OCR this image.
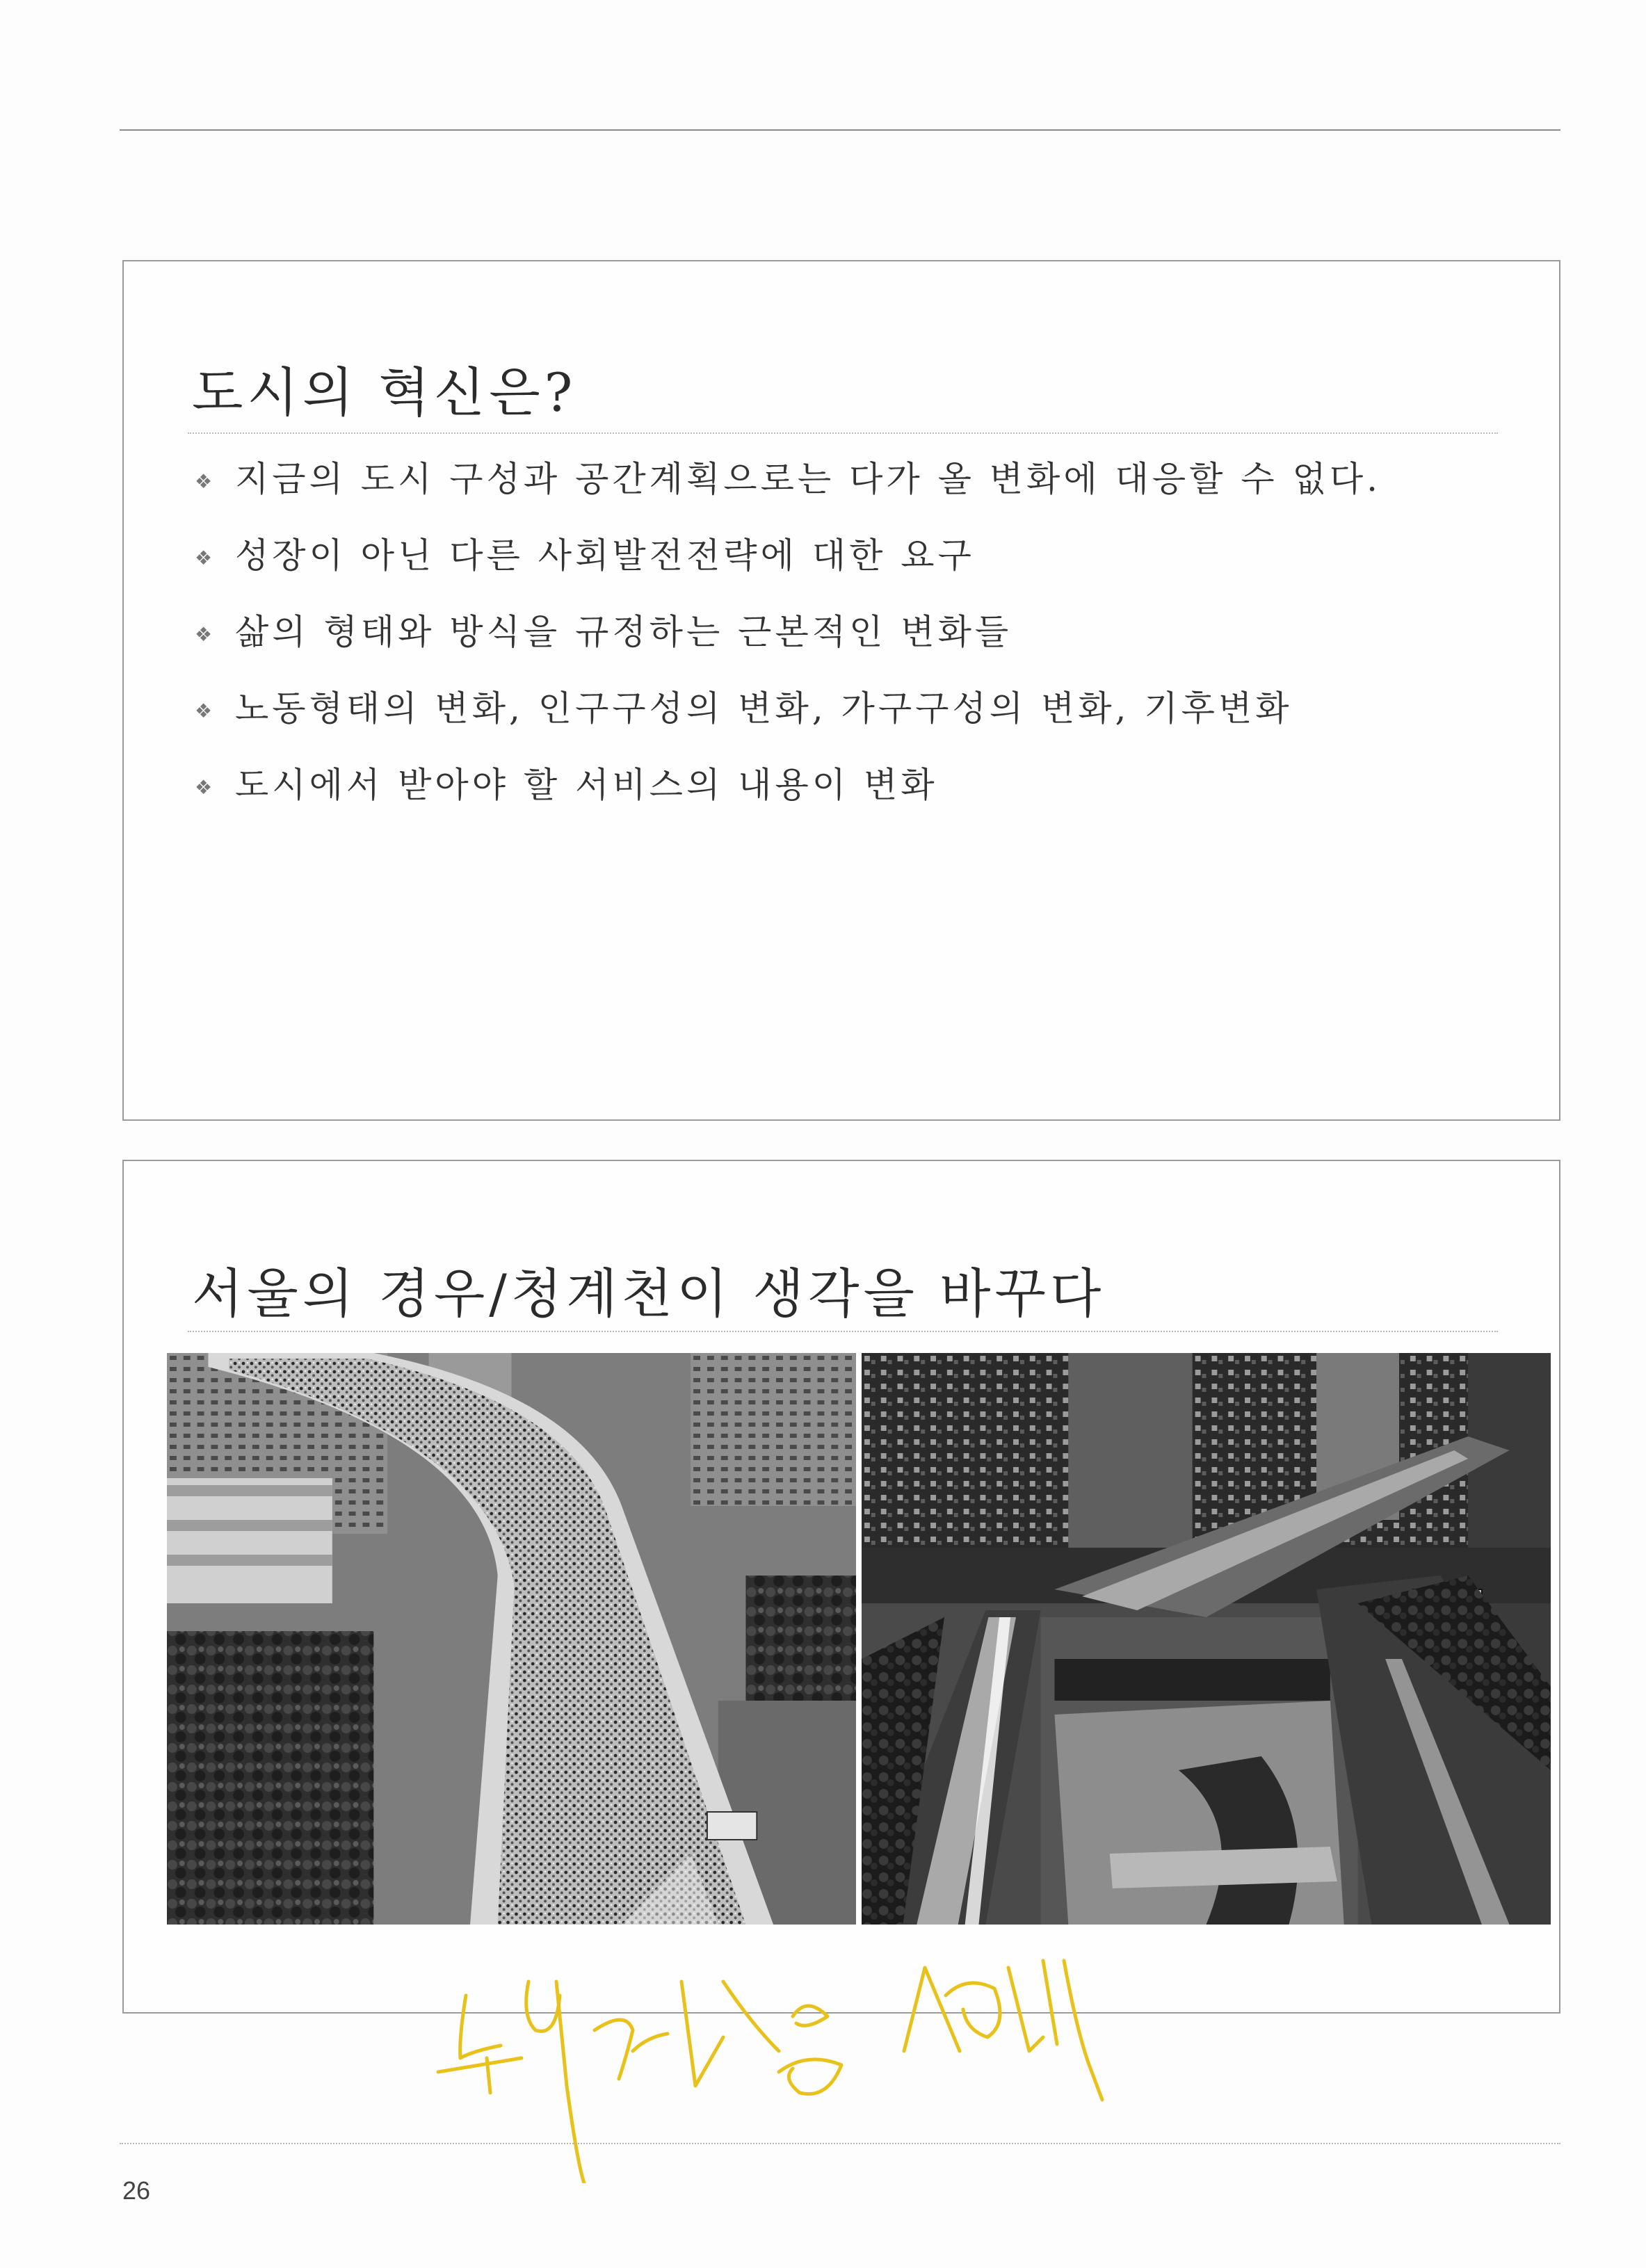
도시의 혁신은?
❖ 지금의 도시 구성과 공간계획으로는 다가 올 변화에 대응할 수 없다.
❖ 성장이 아닌 다른 사회발전전략에 대한 요구
❖ 삶의 형태와 방식을 규정하는 근본적인 변화들
❖ 노동형태의 변화, 인구구성의 변화, 가구구성의 변화, 기후변화
❖ 도시에서 받아야 할 서비스의 내용이 변화
서울의 경우/청계천이 생각을 바꾸다
26
